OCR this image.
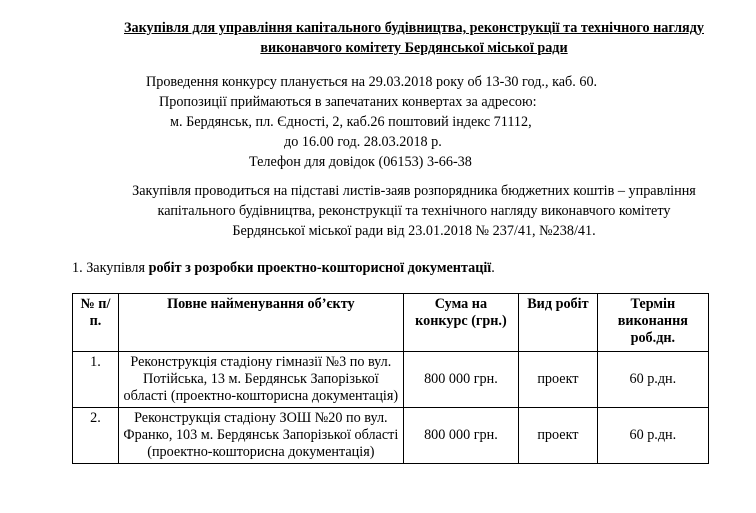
Закупівля для управління капітального будівництва, реконструкції та технічного нагляду
виконавчого комітету Бердянської міської ради
Проведення конкурсу планується на 29.03.2018 року об 13-30 год., каб. 60.
Пропозиції приймаються в запечатаних конвертах за адресою:
м. Бердянськ, пл. Єдності, 2, каб.26 поштовий індекс 71112,
до 16.00 год. 28.03.2018 р.
Телефон для довідок (06153) 3-66-38
Закупівля проводиться на підставі листів-заяв розпорядника бюджетних коштів – управління
капітального будівництва, реконструкції та технічного нагляду виконавчого комітету
Бердянської міської ради від 23.01.2018 № 237/41, №238/41.
1. Закупівля робіт з розробки проектно-кошторисної документації.
№ п/п.	Повне найменування об’єкту	Сума на конкурс (грн.)	Вид робіт	Термін виконання роб.дн.
1.	Реконструкція стадіону гімназії №3 по вул. Потійська, 13 м. Бердянськ Запорізької області (проектно-кошторисна документація)	800 000 грн.	проект	60 р.дн.
2.	Реконструкція стадіону ЗОШ №20 по вул. Франко, 103 м. Бердянськ Запорізької області (проектно-кошторисна документація)	800 000 грн.	проект	60 р.дн.
